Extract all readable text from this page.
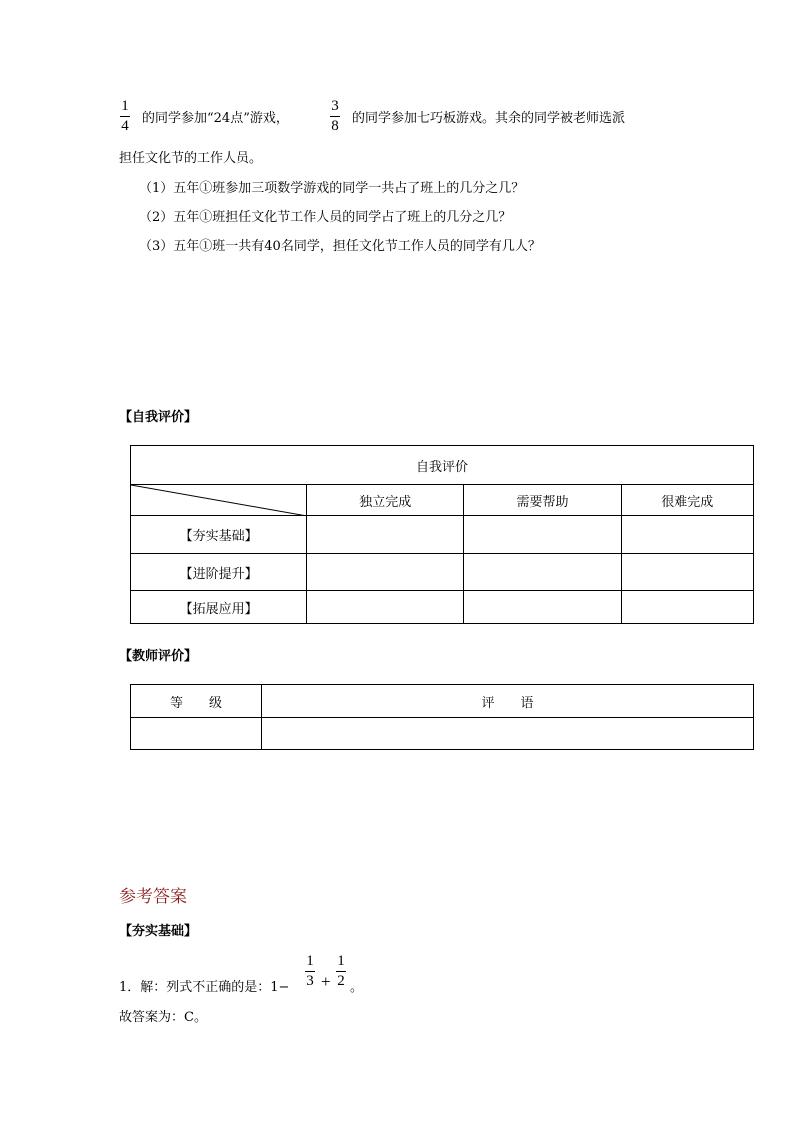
1
4 的同学参加“24点”游戏，
3
8 的同学参加七巧板游戏。其余的同学被老师选派
担任文化节的工作人员。
（1）五年①班参加三项数学游戏的同学一共占了班上的几分之几？
（2）五年①班担任文化节工作人员的同学占了班上的几分之几？
（3）五年①班一共有40名同学，担任文化节工作人员的同学有几人？
【自我评价】
自我评价			

	独立完成	需要帮助	很难完成
【夯实基础】			
【进阶提升】			
【拓展应用】			
【教师评价】
等　　级	评　　语

参考答案
【夯实基础】
1．解：列式不正确的是：1−
1
3 +
1
2 。
故答案为：C。
